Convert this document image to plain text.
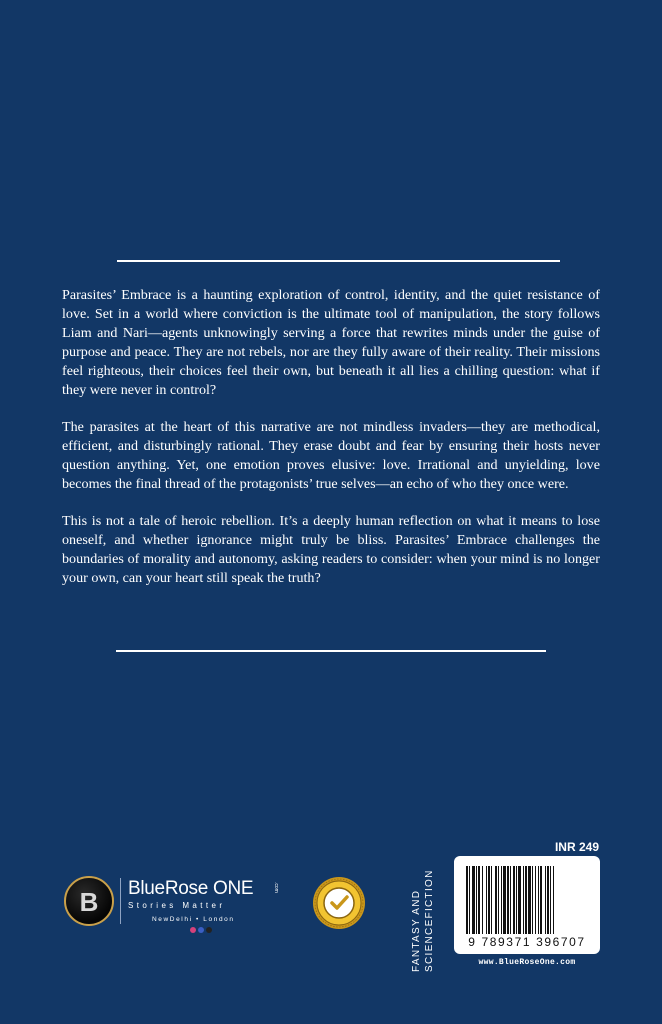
Parasites’ Embrace is a haunting exploration of control, identity, and the quiet resistance of love. Set in a world where conviction is the ultimate tool of manipulation, the story follows Liam and Nari—agents unknowingly serving a force that rewrites minds under the guise of purpose and peace. They are not rebels, nor are they fully aware of their reality. Their missions feel righteous, their choices feel their own, but beneath it all lies a chilling question: what if they were never in control?

The parasites at the heart of this narrative are not mindless invaders—they are methodical, efficient, and disturbingly rational. They erase doubt and fear by ensuring their hosts never question anything. Yet, one emotion proves elusive: love. Irrational and unyielding, love becomes the final thread of the protagonists’ true selves—an echo of who they once were.

This is not a tale of heroic rebellion. It’s a deeply human reflection on what it means to lose oneself, and whether ignorance might truly be bliss. Parasites’ Embrace challenges the boundaries of morality and autonomy, asking readers to consider: when your mind is no longer your own, can your heart still speak the truth?

B	BlueRose ONE	.com
Stories Matter
NewDelhi • London	FANTASY AND SCIENCEFICTION
INR 249
9 789371 396707
www.BlueRoseOne.com
